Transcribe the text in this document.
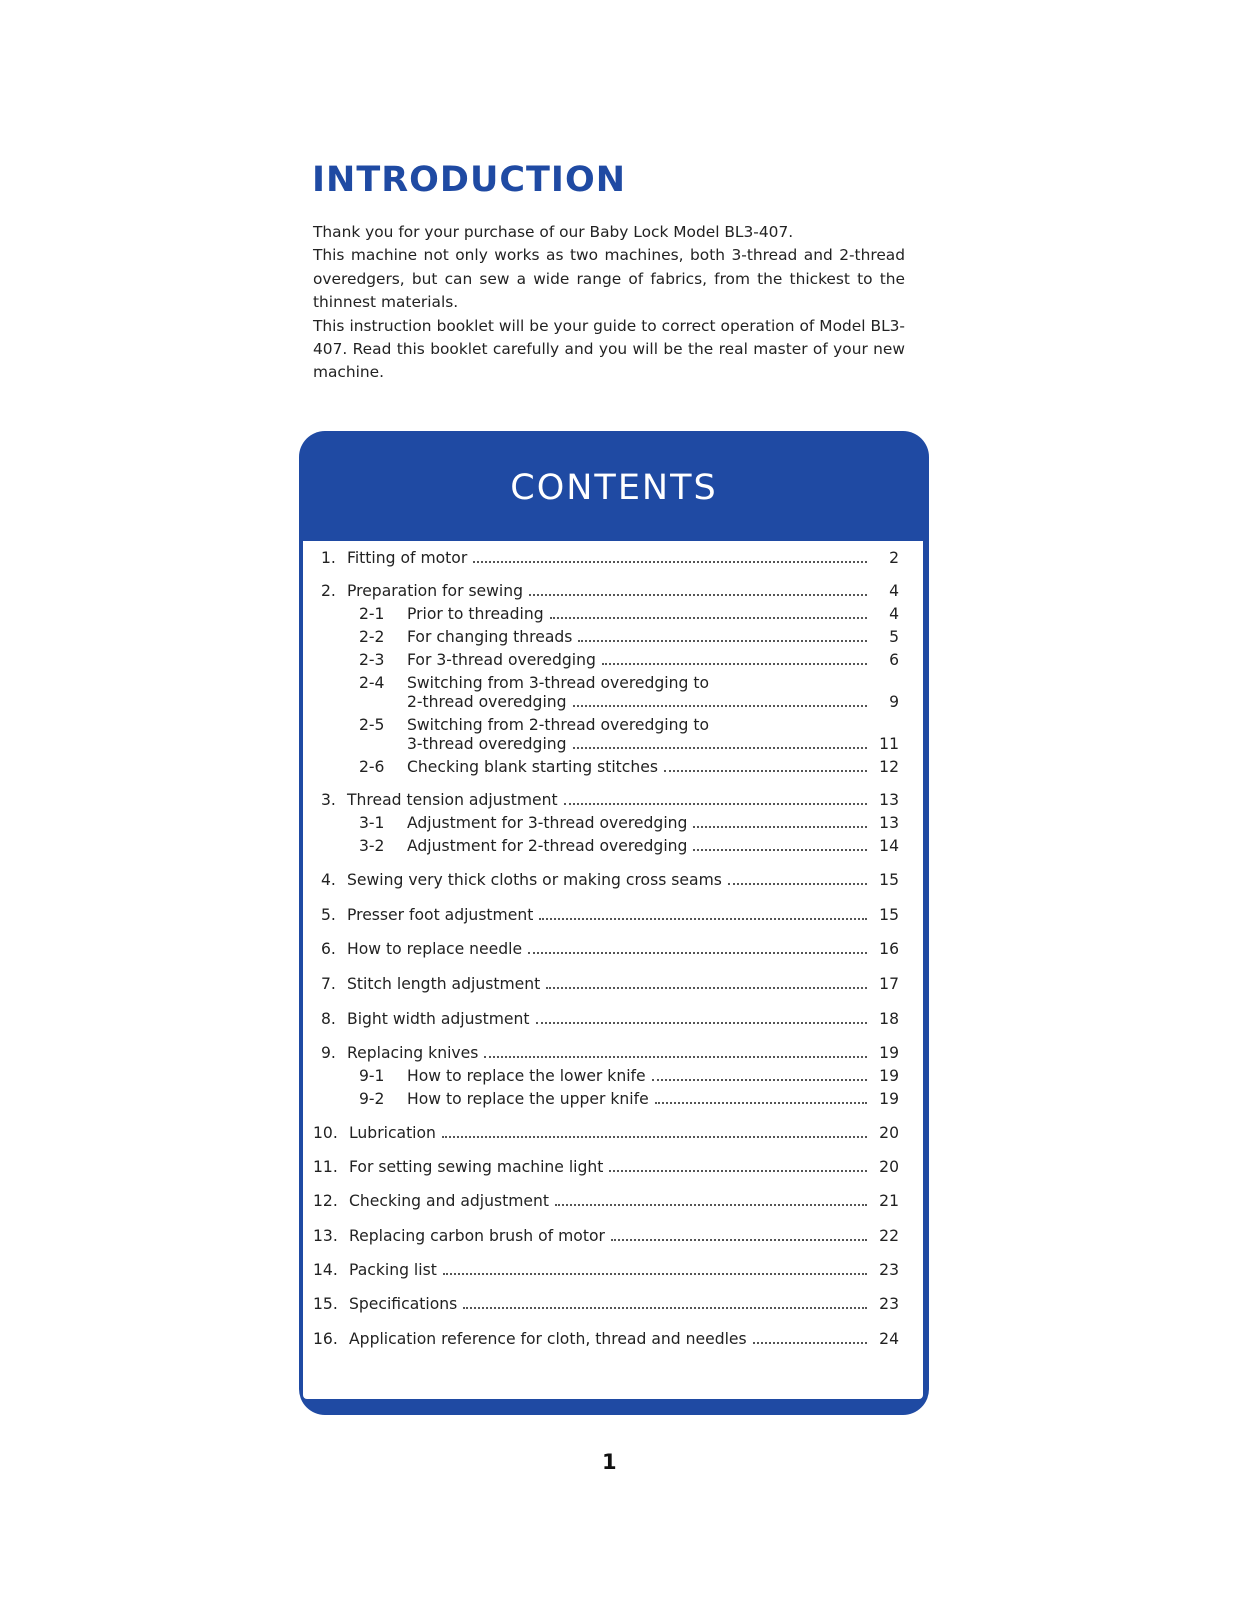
INTRODUCTION

Thank you for your purchase of our Baby Lock Model BL3-407.

This machine not only works as two machines, both 3-thread and 2-thread overedgers, but can sew a wide range of fabrics, from the thickest to the thinnest materials.

This instruction booklet will be your guide to correct operation of Model BL3-407. Read this booklet carefully and you will be the real master of your new machine.

CONTENTS
1. Fitting of motor	2
2. Preparation for sewing	4
2-1 Prior to threading	4
2-2 For changing threads	5
2-3 For 3-thread overedging	6
2-4 Switching from 3-thread overedging to
2-thread overedging	9
2-5 Switching from 2-thread overedging to
3-thread overedging	11
2-6 Checking blank starting stitches	12
3. Thread tension adjustment	13
3-1 Adjustment for 3-thread overedging	13
3-2 Adjustment for 2-thread overedging	14
4. Sewing very thick cloths or making cross seams	15
5. Presser foot adjustment	15
6. How to replace needle	16
7. Stitch length adjustment	17
8. Bight width adjustment	18
9. Replacing knives	19
9-1 How to replace the lower knife	19
9-2 How to replace the upper knife	19
10. Lubrication	20
11. For setting sewing machine light	20
12. Checking and adjustment	21
13. Replacing carbon brush of motor	22
14. Packing list	23
15. Specifications	23
16. Application reference for cloth, thread and needles	24
1
